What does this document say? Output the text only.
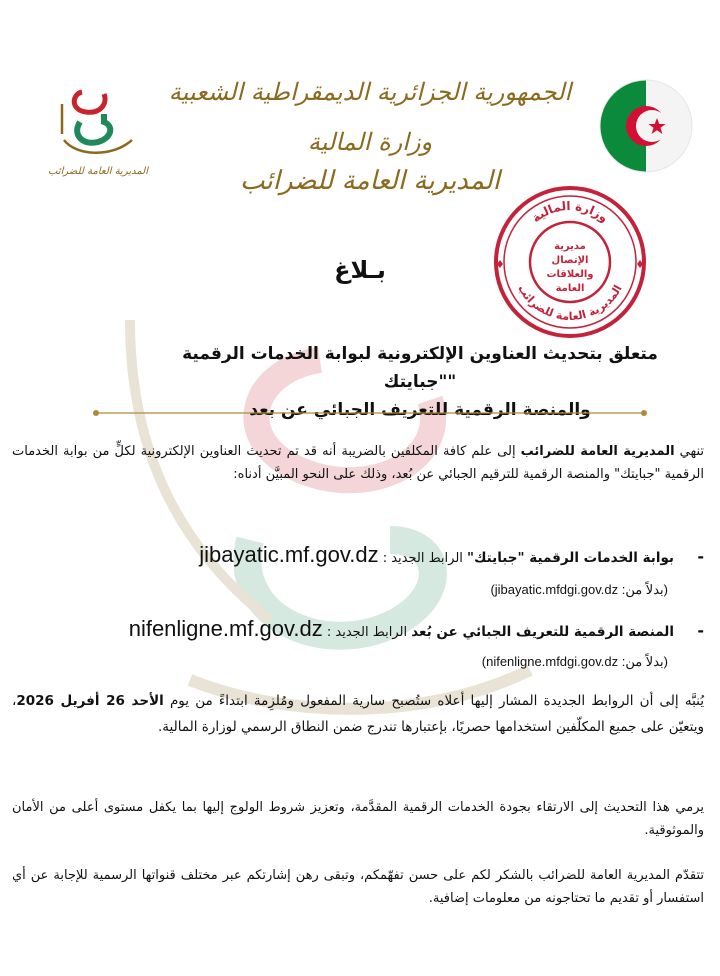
المديرية العامة للضرائب
الجمهورية الجزائرية الديمقراطية الشعبية
وزارة المالية
المديرية العامة للضرائب
وزارة المالية
المديرية العامة للضرائب
مديرية الإتصال والعلاقات العامة
بـلاغ
متعلق بتحديث العناوين الإلكترونية لبوابة الخدمات الرقمية "جبايتك"
والمنصة الرقمية للتعريف الجبائي عن بعد
تنهي المديرية العامة للضرائب إلى علم كافة المكلفين بالضريبة أنه قد تم تحديث العناوين الإلكترونية لكلٍّ من بوابة الخدمات الرقمية "جبايتك" والمنصة الرقمية للترقيم الجبائي عن بُعد، وذلك على النحو المبيَّن أدناه:
-بوابة الخدمات الرقمية "جبايتك" الرابط الجديد : jibayatic.mf.gov.dz
(بدلاً من: jibayatic.mfdgi.gov.dz)
-المنصة الرقمية للتعريف الجبائي عن بُعد الرابط الجديد : nifenligne.mf.gov.dz
(بدلاً من: nifenligne.mfdgi.gov.dz)
يُنبَّه إلى أن الروابط الجديدة المشار إليها أعلاه ستُصبح سارية المفعول ومُلزِمة ابتداءً من يوم الأحد 26 أفريل 2026، ويتعيّن على جميع المكلّفين استخدامها حصريًا، بإعتبارها تندرج ضمن النطاق الرسمي لوزارة المالية.
يرمي هذا التحديث إلى الارتقاء بجودة الخدمات الرقمية المقدَّمة، وتعزيز شروط الولوج إليها بما يكفل مستوى أعلى من الأمان والموثوقية.
تتقدّم المديرية العامة للضرائب بالشكر لكم على حسن تفهّمكم، وتبقى رهن إشارتكم عبر مختلف قنواتها الرسمية للإجابة عن أي استفسار أو تقديم ما تحتاجونه من معلومات إضافية.
